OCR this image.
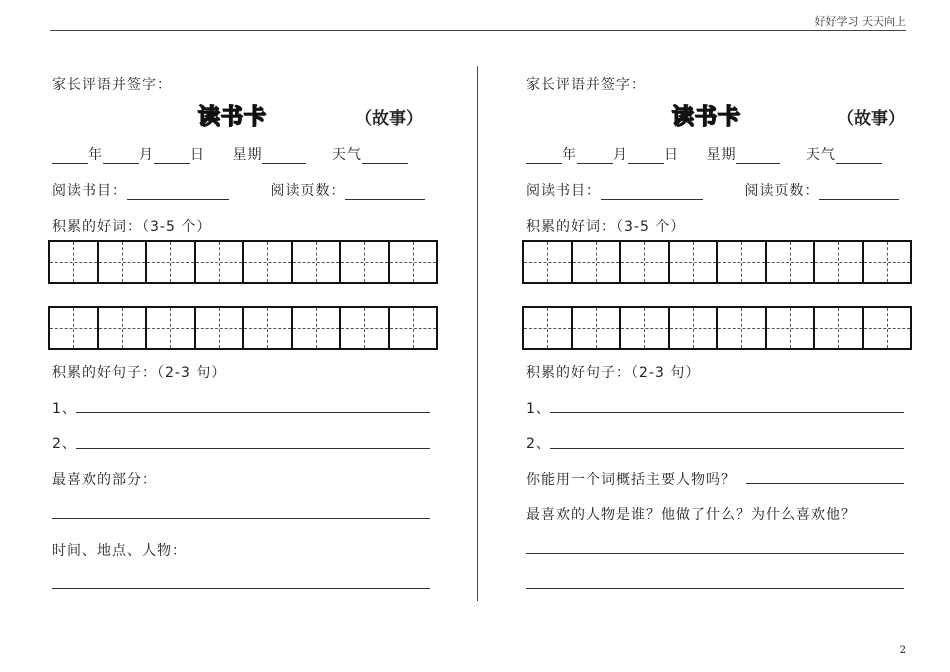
好好学习 天天向上
2
家长评语并签字：
读 书 卡	（故事）
年	月	日 星期	天气
阅读书目：	阅读页数：
积累的好词：（3-5 个）
积累的好句子：（2-3 句）
1、
2、
最喜欢的部分：
时间、地点、人物：
家长评语并签字：
读 书 卡	（故事）
年	月	日 星期	天气
阅读书目：	阅读页数：
积累的好词：（3-5 个）
积累的好句子：（2-3 句）
1、
2、
你能用一个词概括主要人物吗？
最喜欢的人物是谁？他做了什么？为什么喜欢他？
